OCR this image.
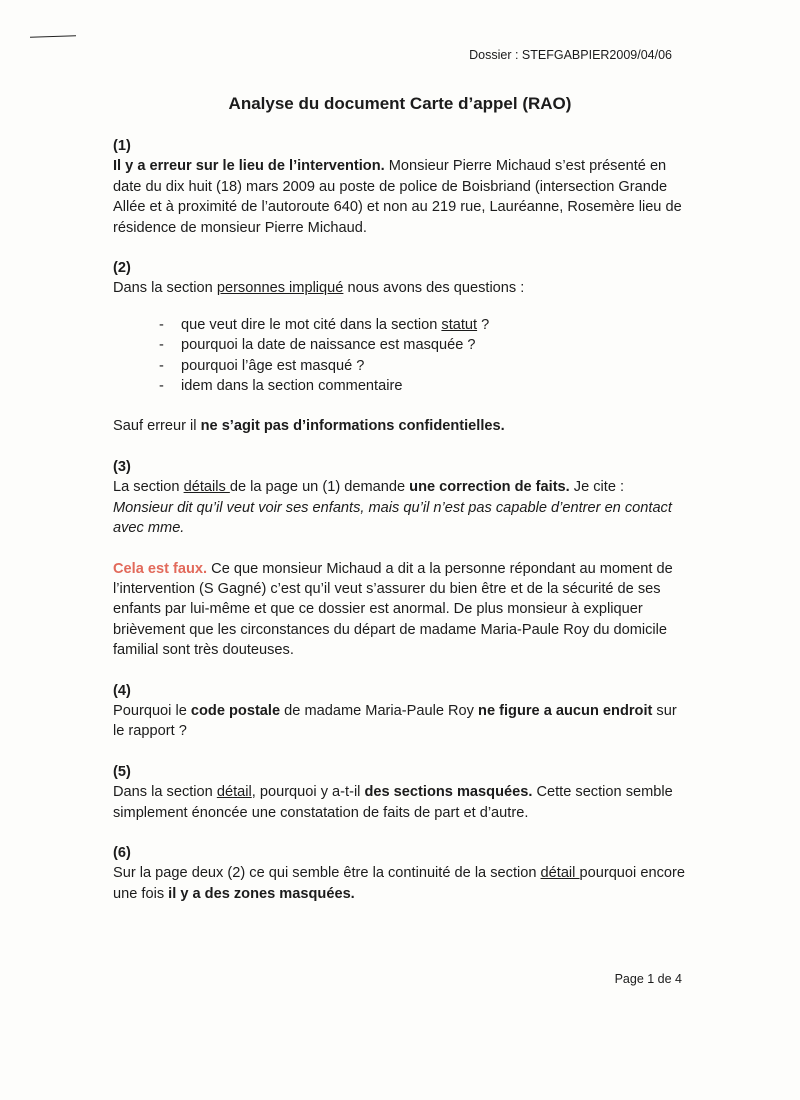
Dossier : STEFGABPIER2009/04/06
Analyse du document Carte d’appel (RAO)
(1)

Il y a erreur sur le lieu de l’intervention. Monsieur Pierre Michaud s’est présenté en date du dix huit (18) mars 2009 au poste de police de Boisbriand (intersection Grande Allée et à proximité de l’autoroute 640) et non au 219 rue, Lauréanne, Rosemère lieu de résidence de monsieur Pierre Michaud.

(2)

Dans la section personnes impliqué nous avons des questions :

- que veut dire le mot cité dans la section statut ?
- pourquoi la date de naissance est masquée ?
- pourquoi l’âge est masqué ?
- idem dans la section commentaire

Sauf erreur il ne s’agit pas d’informations confidentielles.

(3)

La section détails de la page un (1) demande une correction de faits. Je cite :
Monsieur dit qu’il veut voir ses enfants, mais qu’il n’est pas capable d’entrer en contact avec mme.

Cela est faux. Ce que monsieur Michaud a dit a la personne répondant au moment de l’intervention (S Gagné) c’est qu’il veut s’assurer du bien être et de la sécurité de ses enfants par lui-même et que ce dossier est anormal. De plus monsieur à expliquer brièvement que les circonstances du départ de madame Maria-Paule Roy du domicile familial sont très douteuses.

(4)

Pourquoi le code postale de madame Maria-Paule Roy ne figure a aucun endroit sur le rapport ?

(5)

Dans la section détail, pourquoi y a-t-il des sections masquées. Cette section semble simplement énoncée une constatation de faits de part et d’autre.

(6)

Sur la page deux (2) ce qui semble être la continuité de la section détail pourquoi encore une fois il y a des zones masquées.

Page 1 de 4
